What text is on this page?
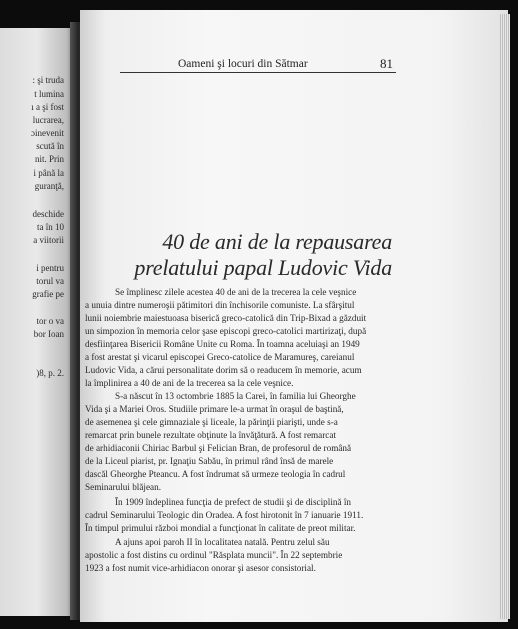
: şi truda
t lumina
ı a şi fost
lucrarea,
ɔinevenit
scută în
nit. Prin
i până la
guranţă,
deschide
ta în 10
a viitorii
i pentru
torul va
grafie pe
tor o va
bor Ioan
)8, p. 2.
Oameni şi locuri din Sătmar	81
40 de ani de la repausarea
prelatului papal Ludovic Vida
Se împlinesc zilele acestea 40 de ani de la trecerea la cele veşnice
a unuia dintre numeroşii pătimitori din închisorile comuniste. La sfârşitul
lunii noiembrie maiestuoasa biserică greco-catolică din Trip-Bixad a găzduit
un simpozion în memoria celor şase episcopi greco-catolici martirizaţi, după
desfiinţarea Bisericii Române Unite cu Roma. În toamna aceluiaşi an 1949
a fost arestat şi vicarul episcopei Greco-catolice de Maramureş, careianul
Ludovic Vida, a cărui personalitate dorim să o readucem în memorie, acum
la împlinirea a 40 de ani de la trecerea sa la cele veşnice.
S-a născut în 13 octombrie 1885 la Carei, în familia lui Gheorghe
Vida şi a Mariei Oros. Studiile primare le-a urmat în oraşul de baştină,
de asemenea şi cele gimnaziale şi liceale, la părinţii piarişti, unde s-a
remarcat prin bunele rezultate obţinute la învăţătură. A fost remarcat
de arhidiaconii Chiriac Barbul şi Felician Bran, de profesorul de română
de la Liceul piarist, pr. Ignaţiu Sabău, în primul rând însă de marele
dascăl Gheorghe Pteancu. A fost îndrumat să urmeze teologia în cadrul
Seminarului blăjean.
În 1909 îndeplinea funcţia de prefect de studii şi de disciplină în
cadrul Seminarului Teologic din Oradea. A fost hirotonit în 7 ianuarie 1911.
În timpul primului război mondial a funcţionat în calitate de preot militar.
A ajuns apoi paroh II în localitatea natală. Pentru zelul său
apostolic a fost distins cu ordinul "Răsplata muncii". În 22 septembrie
1923 a fost numit vice-arhidiacon onorar şi asesor consistorial.
